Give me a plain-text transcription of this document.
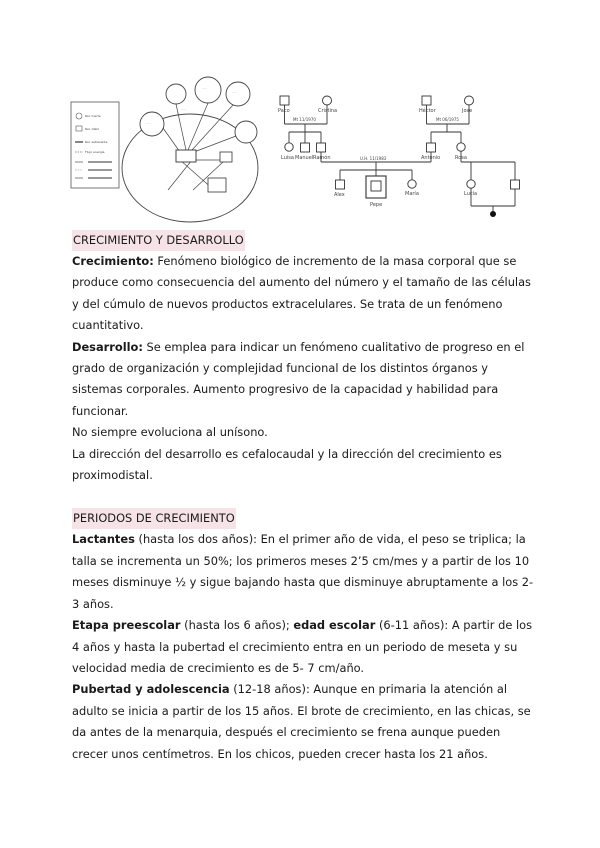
Rel. fuerte
Rel. débil
Rel. estresante
Flujo energía
·····
·····
·····
·····
Paco	Cristina
Mt 11/1970
Luisa Manuel Ramón
Héctor	Jose
Mt 06/1975
Antonio	Rosa
U.H. 11/1983
Alex
Pepe
María	Lucía
CRECIMIENTO Y DESARROLLO

Crecimiento: Fenómeno biológico de incremento de la masa corporal que se produce como consecuencia del aumento del número y el tamaño de las células y del cúmulo de nuevos productos extracelulares. Se trata de un fenómeno cuantitativo.

Desarrollo: Se emplea para indicar un fenómeno cualitativo de progreso en el grado de organización y complejidad funcional de los distintos órganos y sistemas corporales. Aumento progresivo de la capacidad y habilidad para funcionar.

No siempre evoluciona al unísono.

La dirección del desarrollo es cefalocaudal y la dirección del crecimiento es proximodistal.

PERIODOS DE CRECIMIENTO

Lactantes (hasta los dos años): En el primer año de vida, el peso se triplica; la talla se incrementa un 50%; los primeros meses 2’5 cm/mes y a partir de los 10 meses disminuye ½ y sigue bajando hasta que disminuye abruptamente a los 2-3 años.

Etapa preescolar (hasta los 6 años); edad escolar (6-11 años): A partir de los 4 años y hasta la pubertad el crecimiento entra en un periodo de meseta y su velocidad media de crecimiento es de 5- 7 cm/año.

Pubertad y adolescencia (12-18 años): Aunque en primaria la atención al adulto se inicia a partir de los 15 años. El brote de crecimiento, en las chicas, se da antes de la menarquia, después el crecimiento se frena aunque pueden crecer unos centímetros. En los chicos, pueden crecer hasta los 21 años.
